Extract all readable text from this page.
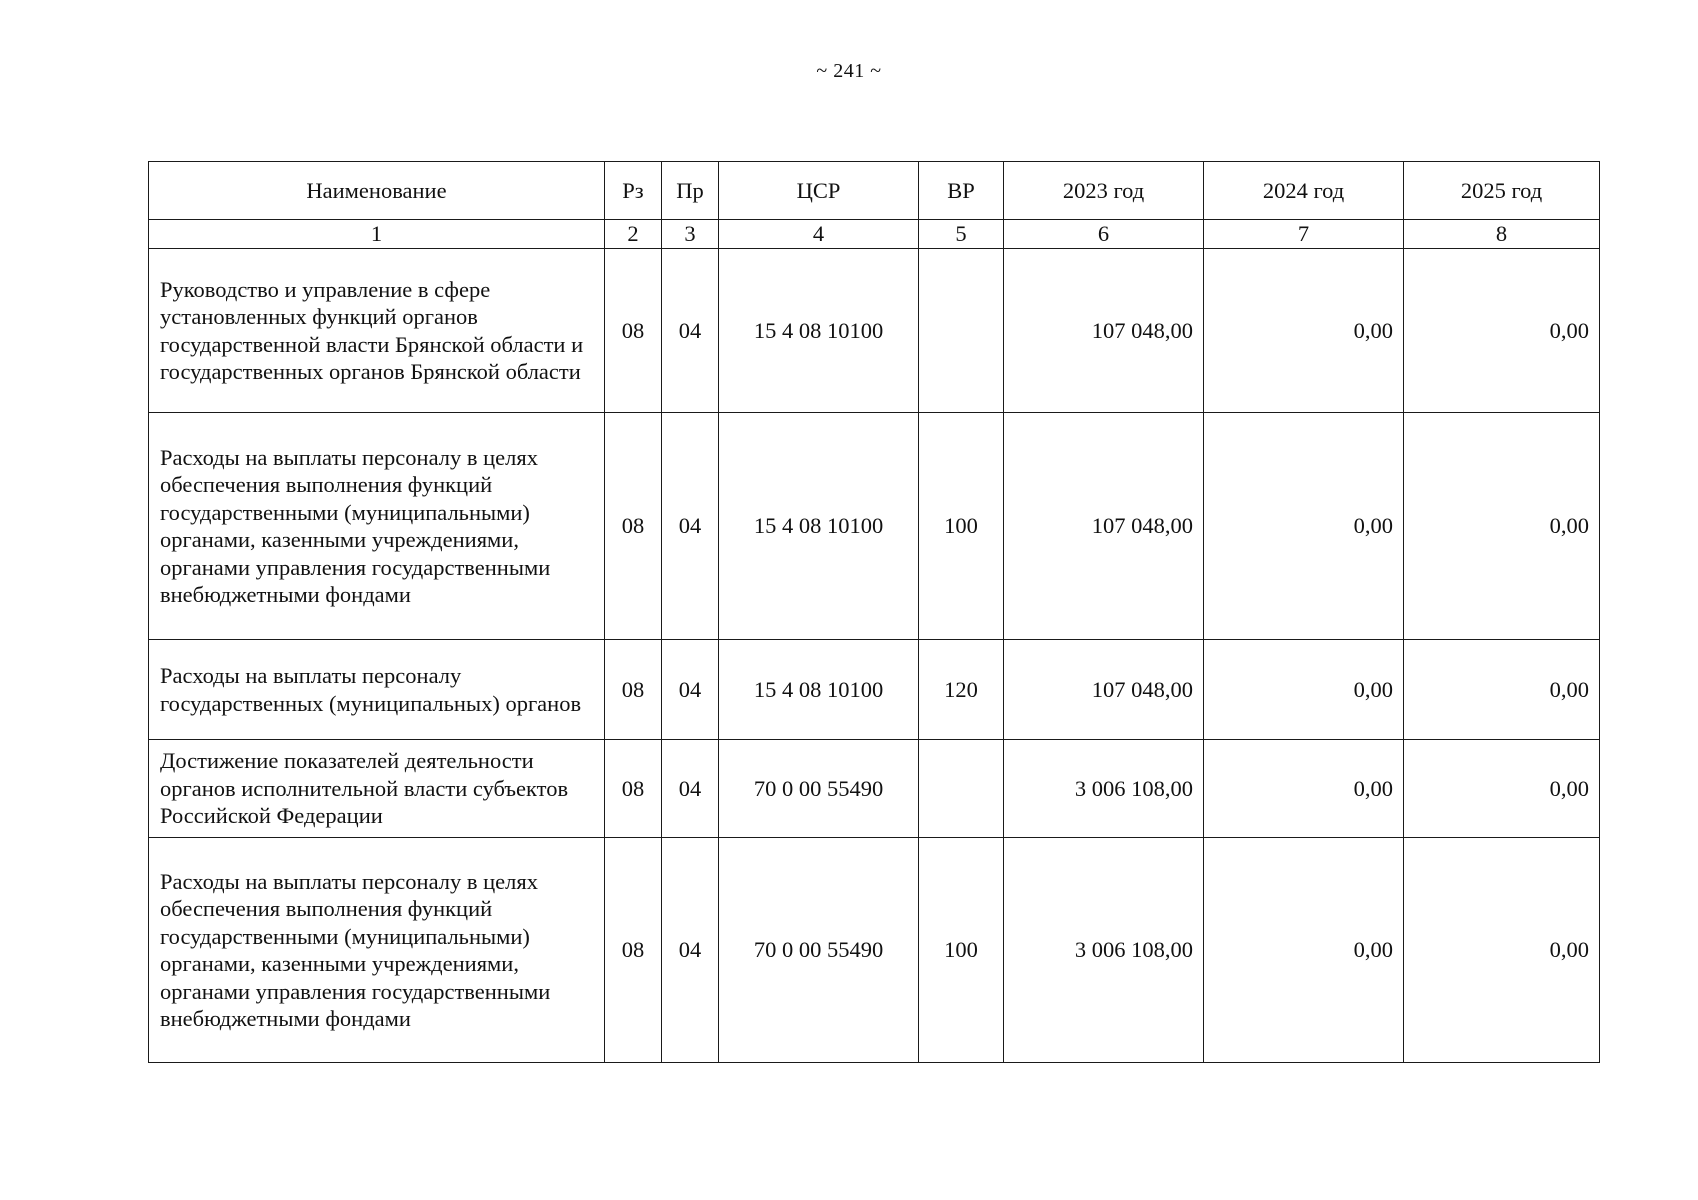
~ 241 ~
Наименование	Рз	Пр	ЦСР	ВР	2023 год	2024 год	2025 год
1	2	3	4	5	6	7	8
Руководство и управление в сфере установленных функций органов государственной власти Брянской области и государственных органов Брянской области	08	04	15 4 08 10100		107 048,00	0,00	0,00
Расходы на выплаты персоналу в целях обеспечения выполнения функций государственными (муниципальными) органами, казенными учреждениями, органами управления государственными внебюджетными фондами	08	04	15 4 08 10100	100	107 048,00	0,00	0,00
Расходы на выплаты персоналу государственных (муниципальных) органов	08	04	15 4 08 10100	120	107 048,00	0,00	0,00
Достижение показателей деятельности органов исполнительной власти субъектов Российской Федерации	08	04	70 0 00 55490		3 006 108,00	0,00	0,00
Расходы на выплаты персоналу в целях обеспечения выполнения функций государственными (муниципальными) органами, казенными учреждениями, органами управления государственными внебюджетными фондами	08	04	70 0 00 55490	100	3 006 108,00	0,00	0,00
